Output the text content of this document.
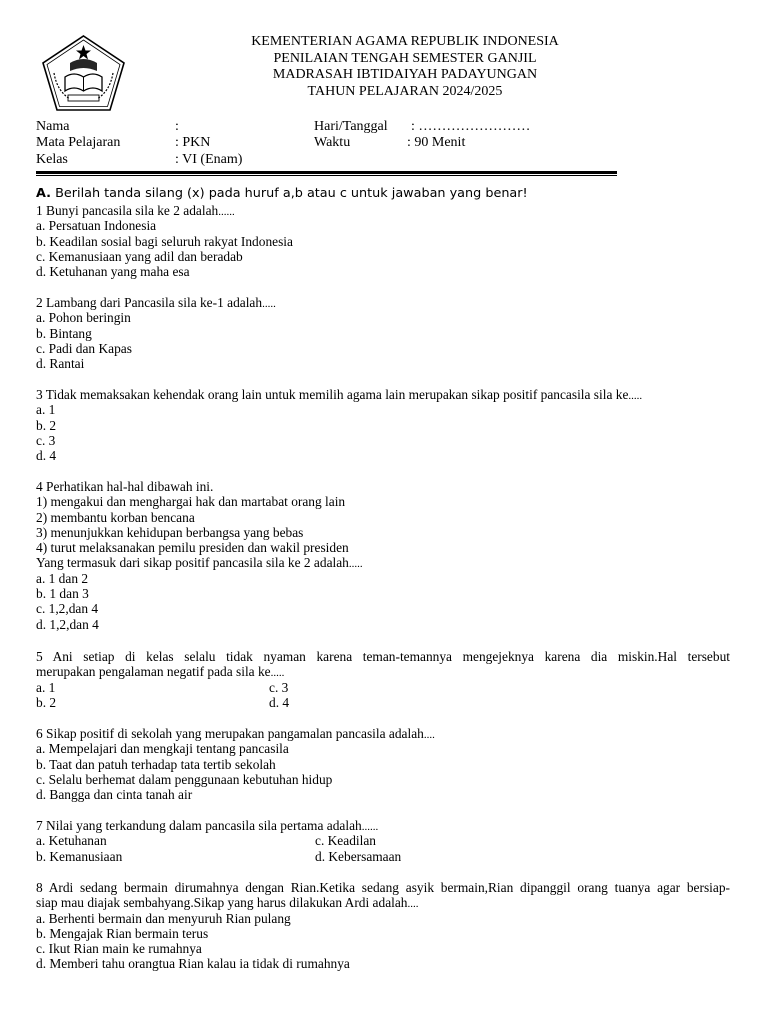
KEMENTERIAN AGAMA REPUBLIK INDONESIA
PENILAIAN TENGAH SEMESTER GANJIL
MADRASAH IBTIDAIYAH PADAYUNGAN
TAHUN PELAJARAN 2024/2025
Nama	:	Hari/Tanggal : ……………………
Mata Pelajaran	: PKN	Waktu	: 90 Menit
Kelas	: VI (Enam)
A. Berilah tanda silang (x) pada huruf a,b atau c untuk jawaban yang benar!
1 Bunyi pancasila sila ke 2 adalah......
a. Persatuan Indonesia
b. Keadilan sosial bagi seluruh rakyat Indonesia
c. Kemanusiaan yang adil dan beradab
d. Ketuhanan yang maha esa
2 Lambang dari Pancasila sila ke-1 adalah.....
a. Pohon beringin
b. Bintang
c. Padi dan Kapas
d. Rantai
3 Tidak memaksakan kehendak orang lain untuk memilih agama lain merupakan sikap positif pancasila sila ke.....
a. 1
b. 2
c. 3
d. 4
4 Perhatikan hal-hal dibawah ini.
1) mengakui dan menghargai hak dan martabat orang lain
2) membantu korban bencana
3) menunjukkan kehidupan berbangsa yang bebas
4) turut melaksanakan pemilu presiden dan wakil presiden
Yang termasuk dari sikap positif pancasila sila ke 2 adalah.....
a. 1 dan 2
b. 1 dan 3
c. 1,2,dan 4
d. 1,2,dan 4
5 Ani setiap di kelas selalu tidak nyaman karena teman-temannya mengejeknya karena dia miskin.Hal tersebut
merupakan pengalaman negatif pada sila ke.....
a. 1	c. 3
b. 2	d. 4
6 Sikap positif di sekolah yang merupakan pangamalan pancasila adalah....
a. Mempelajari dan mengkaji tentang pancasila
b. Taat dan patuh terhadap tata tertib sekolah
c. Selalu berhemat dalam penggunaan kebutuhan hidup
d. Bangga dan cinta tanah air
7 Nilai yang terkandung dalam pancasila sila pertama adalah......
a. Ketuhanan	c. Keadilan
b. Kemanusiaan	d. Kebersamaan
8 Ardi sedang bermain dirumahnya dengan Rian.Ketika sedang asyik bermain,Rian dipanggil orang tuanya agar bersiap-
siap mau diajak sembahyang.Sikap yang harus dilakukan Ardi adalah....
a. Berhenti bermain dan menyuruh Rian pulang
b. Mengajak Rian bermain terus
c. Ikut Rian main ke rumahnya
d. Memberi tahu orangtua Rian kalau ia tidak di rumahnya
